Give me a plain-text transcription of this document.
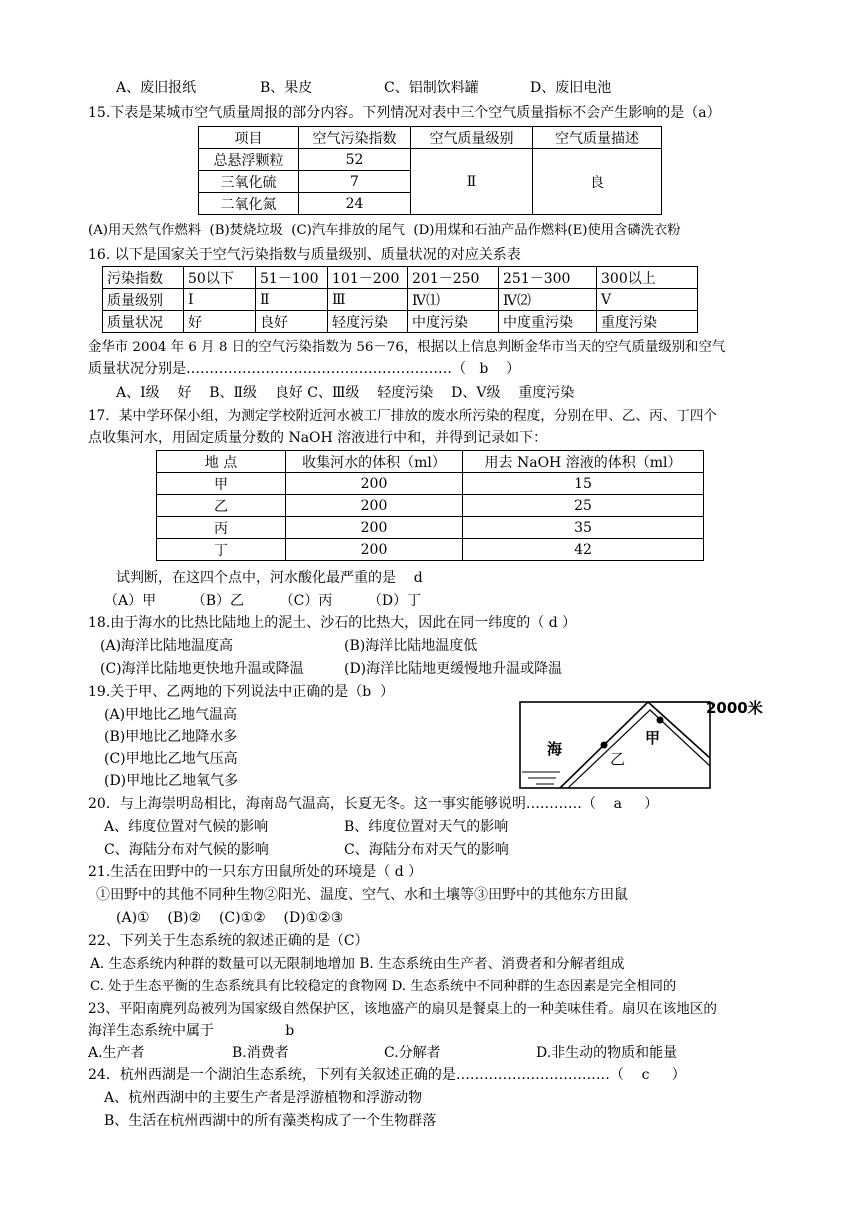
A、废旧报纸	B、果皮	C、铝制饮料罐	D、废旧电池
15.下表是某城市空气质量周报的部分内容。下列情况对表中三个空气质量指标不会产生影响的是（a）
项目	空气污染指数	空气质量级别	空气质量描述
总悬浮颗粒	52	Ⅱ	良
三氧化硫	7		
二氧化氮	24		
(A)用天然气作燃料  (B)焚烧垃圾  (C)汽车排放的尾气  (D)用煤和石油产品作燃料(E)使用含磷洗衣粉
16. 以下是国家关于空气污染指数与质量级别、质量状况的对应关系表
污染指数	50以下	51－100	101－200	201－250	251－300	300以上
质量级别	Ⅰ	Ⅱ	Ⅲ	Ⅳ⑴	Ⅳ⑵	Ⅴ
质量状况	好	良好	轻度污染	中度污染	中度重污染	重度污染
金华市 2004 年 6 月 8 日的空气污染指数为 56－76，根据以上信息判断金华市当天的空气质量级别和空气
质量状况分别是…………………………………………………（   b    ）
A、Ⅰ级    好    B、Ⅱ级    良好 C、Ⅲ级    轻度污染    D、Ⅴ级    重度污染
17．某中学环保小组，为测定学校附近河水被工厂排放的废水所污染的程度，分别在甲、乙、丙、丁四个
点收集河水，用固定质量分数的 NaOH 溶液进行中和，并得到记录如下：
地 点	收集河水的体积（ml）	用去 NaOH 溶液的体积（ml）
甲	200	15
乙	200	25
丙	200	35
丁	200	42
试判断，在这四个点中，河水酸化最严重的是    d
（A）甲        （B）乙        （C）丙        （D）丁
18.由于海水的比热比陆地上的泥土、沙石的比热大，因此在同一纬度的（ d ）
(A)海洋比陆地温度高	(B)海洋比陆地温度低
(C)海洋比陆地更快地升温或降温	(D)海洋比陆地更缓慢地升温或降温
19.关于甲、乙两地的下列说法中正确的是（b  ）
(A)甲地比乙地气温高
(B)甲地比乙地降水多
(C)甲地比乙地气压高
(D)甲地比乙地氧气多
2000米
海
甲
乙
20．与上海崇明岛相比，海南岛气温高，长夏无冬。这一事实能够说明…………（    a     ）
A、纬度位置对气候的影响	B、纬度位置对天气的影响
C、海陆分布对气候的影响	C、海陆分布对天气的影响
21.生活在田野中的一只东方田鼠所处的环境是（ d ）
①田野中的其他不同种生物②阳光、温度、空气、水和土壤等③田野中的其他东方田鼠
(A)①    (B)②    (C)①②    (D)①②③
22、下列关于生态系统的叙述正确的是（C）
A. 生态系统内种群的数量可以无限制地增加 B. 生态系统由生产者、消费者和分解者组成
C. 处于生态平衡的生态系统具有比较稳定的食物网 D. 生态系统中不同种群的生态因素是完全相同的
23、平阳南麂列岛被列为国家级自然保护区，该地盛产的扇贝是餐桌上的一种美味佳肴。扇贝在该地区的
海洋生态系统中属于                b
A.生产者	B.消费者	C.分解者	D.非生动的物质和能量
24．杭州西湖是一个湖泊生态系统，下列有关叙述正确的是……………………………（    c     ）
A、杭州西湖中的主要生产者是浮游植物和浮游动物
B、生活在杭州西湖中的所有藻类构成了一个生物群落
